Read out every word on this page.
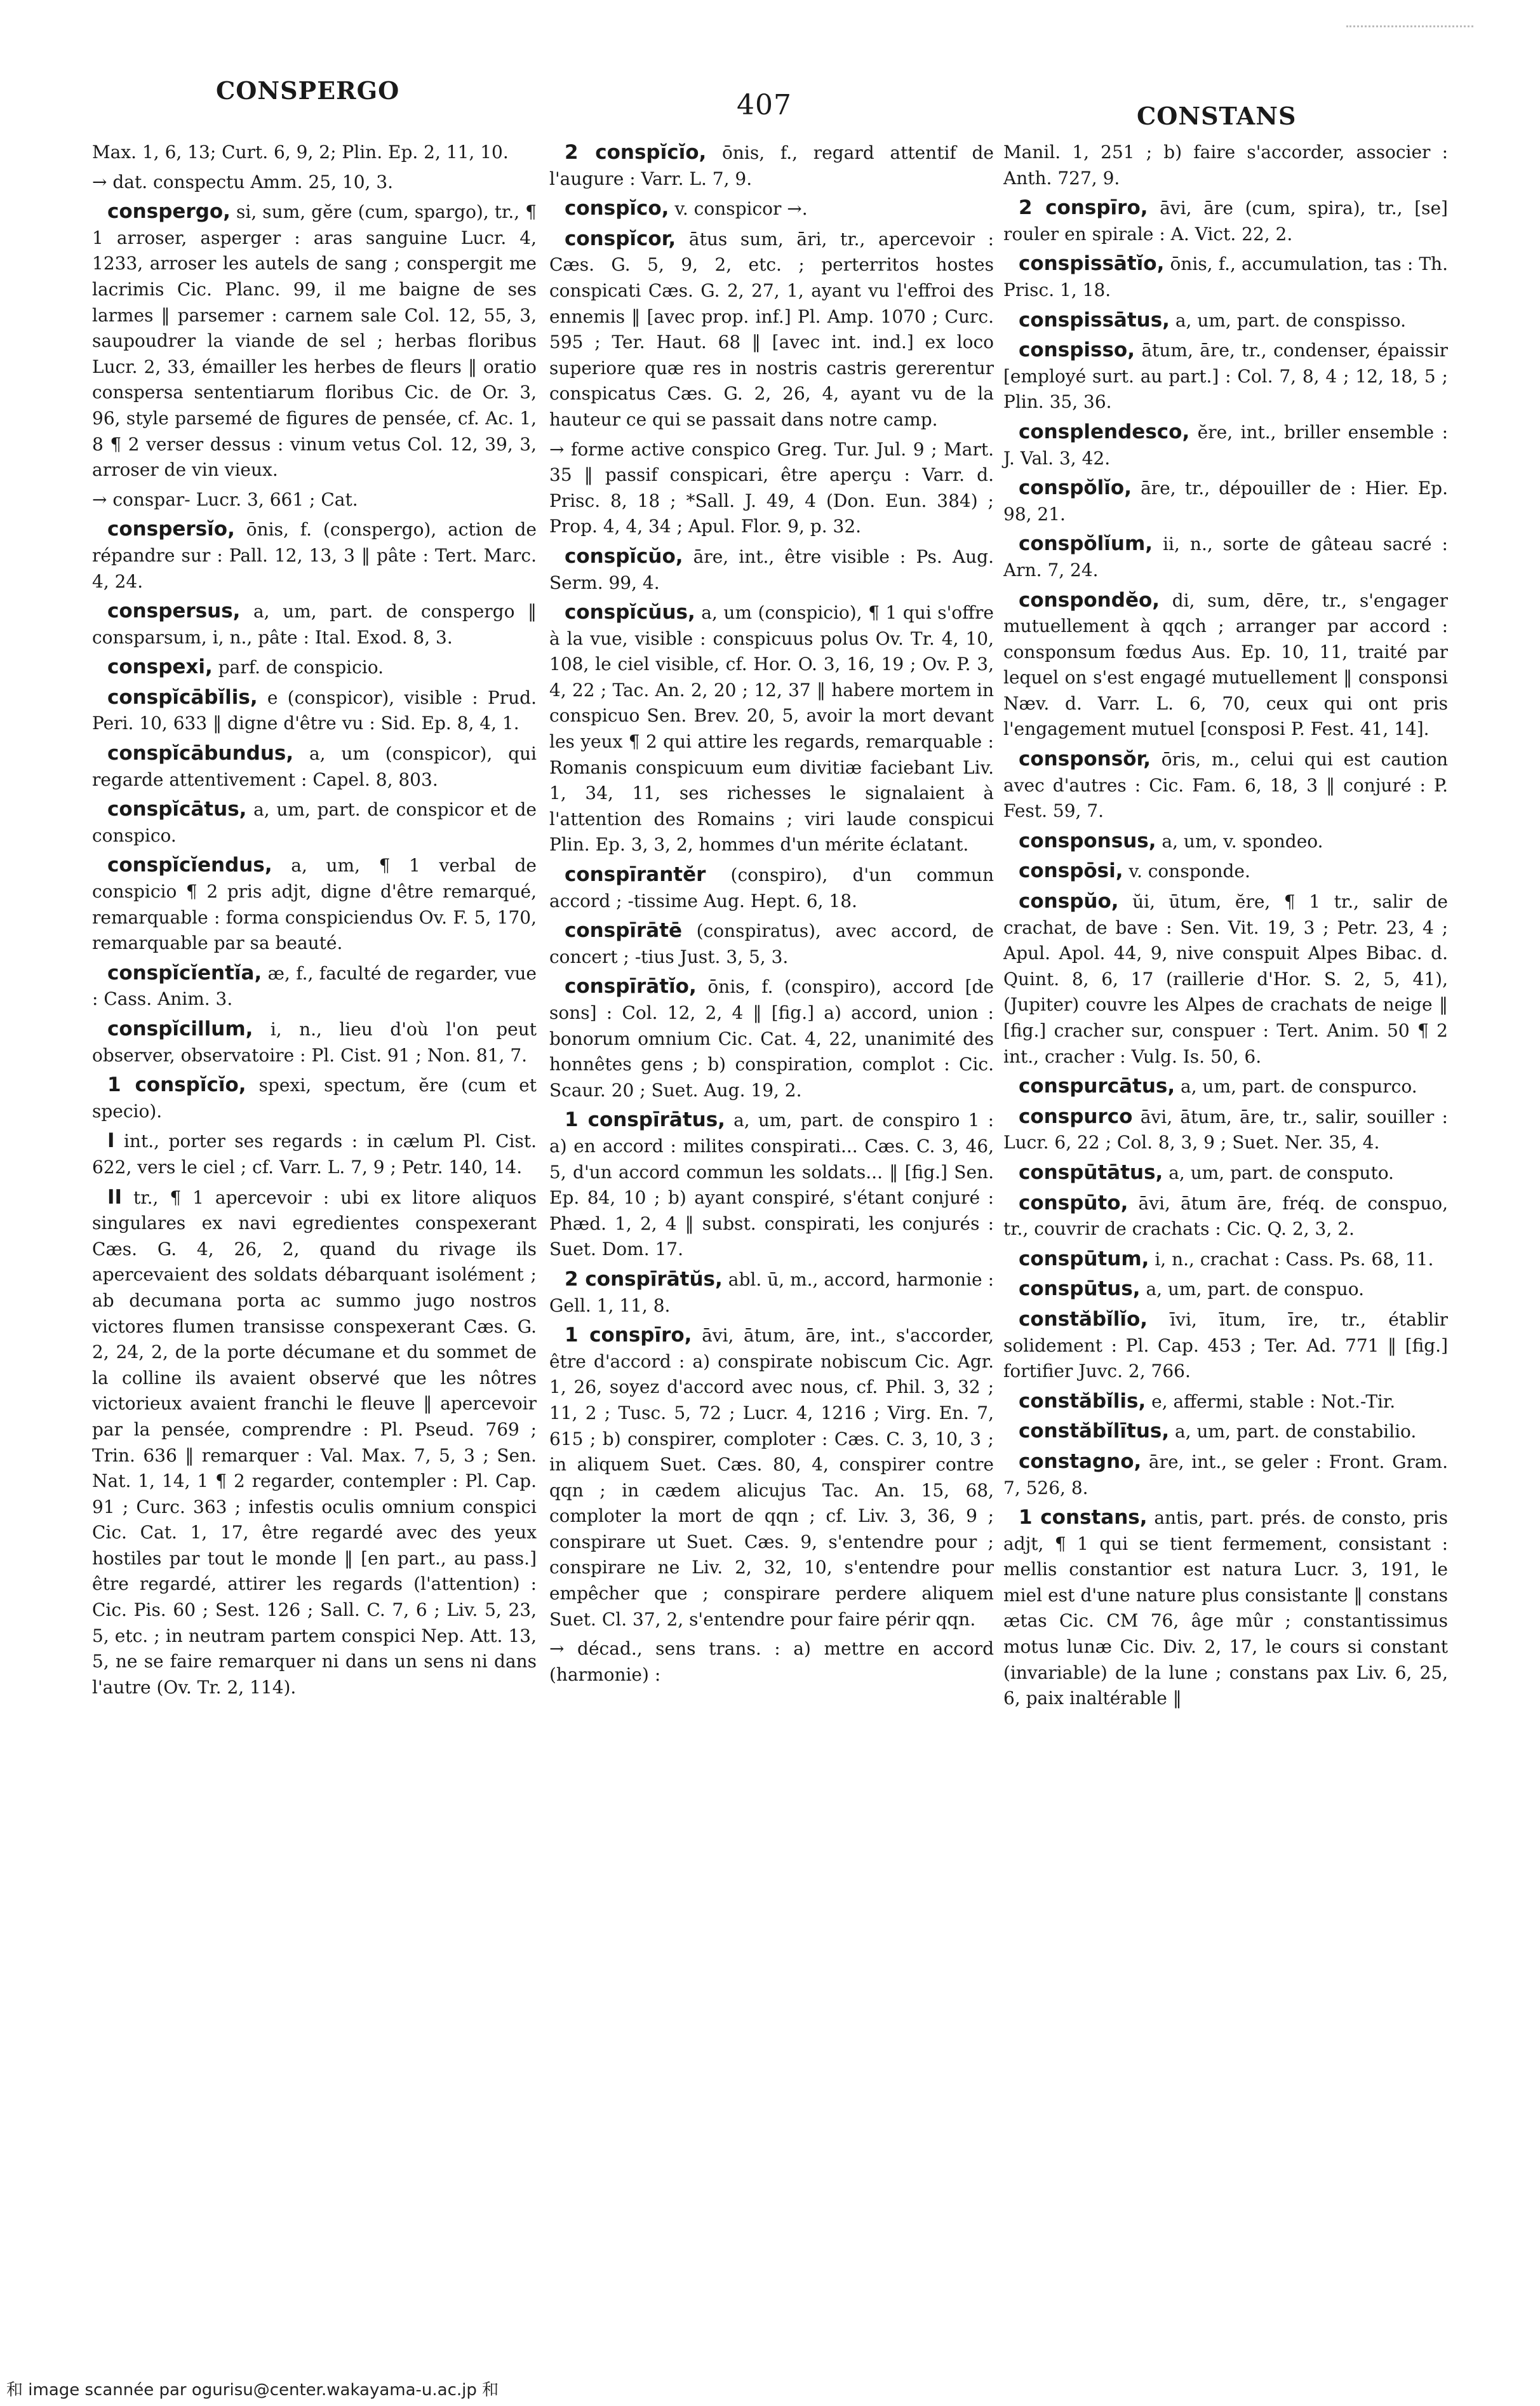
CONSPERGO	407	CONSTANS

Max. 1, 6, 13; Curt. 6, 9, 2; Plin. Ep. 2, 11, 10.

→ dat. conspectu Amm. 25, 10, 3.

conspergo, si, sum, gĕre (cum, spargo), tr., ¶ 1 arroser, asperger : aras sanguine Lucr. 4, 1233, arroser les autels de sang ; conspergit me lacrimis Cic. Planc. 99, il me baigne de ses larmes ‖ parsemer : carnem sale Col. 12, 55, 3, saupoudrer la viande de sel ; herbas floribus Lucr. 2, 33, émailler les herbes de fleurs ‖ oratio conspersa sententiarum floribus Cic. de Or. 3, 96, style parsemé de figures de pensée, cf. Ac. 1, 8 ¶ 2 verser dessus : vinum vetus Col. 12, 39, 3, arroser de vin vieux.

→ conspar- Lucr. 3, 661 ; Cat.

conspersĭo, ōnis, f. (conspergo), action de répandre sur : Pall. 12, 13, 3 ‖ pâte : Tert. Marc. 4, 24.

conspersus, a, um, part. de conspergo ‖ consparsum, i, n., pâte : Ital. Exod. 8, 3.

conspexi, parf. de conspicio.

conspĭcābĭlis, e (conspicor), visible : Prud. Peri. 10, 633 ‖ digne d'être vu : Sid. Ep. 8, 4, 1.

conspĭcābundus, a, um (conspicor), qui regarde attentivement : Capel. 8, 803.

conspĭcātus, a, um, part. de conspicor et de conspico.

conspĭcĭendus, a, um, ¶ 1 verbal de conspicio ¶ 2 pris adjt, digne d'être remarqué, remarquable : forma conspiciendus Ov. F. 5, 170, remarquable par sa beauté.

conspĭcĭentĭa, æ, f., faculté de regarder, vue : Cass. Anim. 3.

conspĭcillum, i, n., lieu d'où l'on peut observer, observatoire : Pl. Cist. 91 ; Non. 81, 7.

1 conspĭcĭo, spexi, spectum, ĕre (cum et specio).

I int., porter ses regards : in cælum Pl. Cist. 622, vers le ciel ; cf. Varr. L. 7, 9 ; Petr. 140, 14.

II tr., ¶ 1 apercevoir : ubi ex litore aliquos singulares ex navi egredientes conspexerant Cæs. G. 4, 26, 2, quand du rivage ils apercevaient des soldats débarquant isolément ; ab decumana porta ac summo jugo nostros victores flumen transisse conspexerant Cæs. G. 2, 24, 2, de la porte décumane et du sommet de la colline ils avaient observé que les nôtres victorieux avaient franchi le fleuve ‖ apercevoir par la pensée, comprendre : Pl. Pseud. 769 ; Trin. 636 ‖ remarquer : Val. Max. 7, 5, 3 ; Sen. Nat. 1, 14, 1 ¶ 2 regarder, contempler : Pl. Cap. 91 ; Curc. 363 ; infestis oculis omnium conspici Cic. Cat. 1, 17, être regardé avec des yeux hostiles par tout le monde ‖ [en part., au pass.] être regardé, attirer les regards (l'attention) : Cic. Pis. 60 ; Sest. 126 ; Sall. C. 7, 6 ; Liv. 5, 23, 5, etc. ; in neutram partem conspici Nep. Att. 13, 5, ne se faire remarquer ni dans un sens ni dans l'autre (Ov. Tr. 2, 114).

2 conspĭcĭo, ōnis, f., regard attentif de l'augure : Varr. L. 7, 9.

conspĭco, v. conspicor →.

conspĭcor, ātus sum, āri, tr., apercevoir : Cæs. G. 5, 9, 2, etc. ; perterritos hostes conspicati Cæs. G. 2, 27, 1, ayant vu l'effroi des ennemis ‖ [avec prop. inf.] Pl. Amp. 1070 ; Curc. 595 ; Ter. Haut. 68 ‖ [avec int. ind.] ex loco superiore quæ res in nostris castris gererentur conspicatus Cæs. G. 2, 26, 4, ayant vu de la hauteur ce qui se passait dans notre camp.

→ forme active conspico Greg. Tur. Jul. 9 ; Mart. 35 ‖ passif conspicari, être aperçu : Varr. d. Prisc. 8, 18 ; *Sall. J. 49, 4 (Don. Eun. 384) ; Prop. 4, 4, 34 ; Apul. Flor. 9, p. 32.

conspĭcŭo, āre, int., être visible : Ps. Aug. Serm. 99, 4.

conspĭcŭus, a, um (conspicio), ¶ 1 qui s'offre à la vue, visible : conspicuus polus Ov. Tr. 4, 10, 108, le ciel visible, cf. Hor. O. 3, 16, 19 ; Ov. P. 3, 4, 22 ; Tac. An. 2, 20 ; 12, 37 ‖ habere mortem in conspicuo Sen. Brev. 20, 5, avoir la mort devant les yeux ¶ 2 qui attire les regards, remarquable : Romanis conspicuum eum divitiæ faciebant Liv. 1, 34, 11, ses richesses le signalaient à l'attention des Romains ; viri laude conspicui Plin. Ep. 3, 3, 2, hommes d'un mérite éclatant.

conspīrantĕr (conspiro), d'un commun accord ; -tissime Aug. Hept. 6, 18.

conspīrātē (conspiratus), avec accord, de concert ; -tius Just. 3, 5, 3.

conspīrātĭo, ōnis, f. (conspiro), accord [de sons] : Col. 12, 2, 4 ‖ [fig.] a) accord, union : bonorum omnium Cic. Cat. 4, 22, unanimité des honnêtes gens ; b) conspiration, complot : Cic. Scaur. 20 ; Suet. Aug. 19, 2.

1 conspīrātus, a, um, part. de conspiro 1 : a) en accord : milites conspirati... Cæs. C. 3, 46, 5, d'un accord commun les soldats... ‖ [fig.] Sen. Ep. 84, 10 ; b) ayant conspiré, s'étant conjuré : Phæd. 1, 2, 4 ‖ subst. conspirati, les conjurés : Suet. Dom. 17.

2 conspīrātŭs, abl. ū, m., accord, harmonie : Gell. 1, 11, 8.

1 conspīro, āvi, ātum, āre, int., s'accorder, être d'accord : a) conspirate nobiscum Cic. Agr. 1, 26, soyez d'accord avec nous, cf. Phil. 3, 32 ; 11, 2 ; Tusc. 5, 72 ; Lucr. 4, 1216 ; Virg. En. 7, 615 ; b) conspirer, comploter : Cæs. C. 3, 10, 3 ; in aliquem Suet. Cæs. 80, 4, conspirer contre qqn ; in cædem alicujus Tac. An. 15, 68, comploter la mort de qqn ; cf. Liv. 3, 36, 9 ; conspirare ut Suet. Cæs. 9, s'entendre pour ; conspirare ne Liv. 2, 32, 10, s'entendre pour empêcher que ; conspirare perdere aliquem Suet. Cl. 37, 2, s'entendre pour faire périr qqn.

→ décad., sens trans. : a) mettre en accord (harmonie) :

Manil. 1, 251 ; b) faire s'accorder, associer : Anth. 727, 9.

2 conspīro, āvi, āre (cum, spira), tr., [se] rouler en spirale : A. Vict. 22, 2.

conspissātĭo, ōnis, f., accumulation, tas : Th. Prisc. 1, 18.

conspissātus, a, um, part. de conspisso.

conspisso, ātum, āre, tr., condenser, épaissir [employé surt. au part.] : Col. 7, 8, 4 ; 12, 18, 5 ; Plin. 35, 36.

consplendesco, ĕre, int., briller ensemble : J. Val. 3, 42.

conspŏlĭo, āre, tr., dépouiller de : Hier. Ep. 98, 21.

conspŏlĭum, ii, n., sorte de gâteau sacré : Arn. 7, 24.

conspondĕo, di, sum, dēre, tr., s'engager mutuellement à qqch ; arranger par accord : consponsum fœdus Aus. Ep. 10, 11, traité par lequel on s'est engagé mutuellement ‖ consponsi Næv. d. Varr. L. 6, 70, ceux qui ont pris l'engagement mutuel [consposi P. Fest. 41, 14].

consponsŏr, ōris, m., celui qui est caution avec d'autres : Cic. Fam. 6, 18, 3 ‖ conjuré : P. Fest. 59, 7.

consponsus, a, um, v. spondeo.

conspōsi, v. consponde.

conspŭo, ŭi, ūtum, ĕre, ¶ 1 tr., salir de crachat, de bave : Sen. Vit. 19, 3 ; Petr. 23, 4 ; Apul. Apol. 44, 9, nive conspuit Alpes Bibac. d. Quint. 8, 6, 17 (raillerie d'Hor. S. 2, 5, 41), (Jupiter) couvre les Alpes de crachats de neige ‖ [fig.] cracher sur, conspuer : Tert. Anim. 50 ¶ 2 int., cracher : Vulg. Is. 50, 6.

conspurcātus, a, um, part. de conspurco.

conspurco āvi, ātum, āre, tr., salir, souiller : Lucr. 6, 22 ; Col. 8, 3, 9 ; Suet. Ner. 35, 4.

conspūtātus, a, um, part. de consputo.

conspūto, āvi, ātum āre, fréq. de conspuo, tr., couvrir de crachats : Cic. Q. 2, 3, 2.

conspūtum, i, n., crachat : Cass. Ps. 68, 11.

conspūtus, a, um, part. de conspuo.

constăbĭlĭo, īvi, ītum, īre, tr., établir solidement : Pl. Cap. 453 ; Ter. Ad. 771 ‖ [fig.] fortifier Juvc. 2, 766.

constăbĭlis, e, affermi, stable : Not.-Tir.

constăbĭlītus, a, um, part. de constabilio.

constagno, āre, int., se geler : Front. Gram. 7, 526, 8.

1 constans, antis, part. prés. de consto, pris adjt, ¶ 1 qui se tient fermement, consistant : mellis constantior est natura Lucr. 3, 191, le miel est d'une nature plus consistante ‖ constans ætas Cic. CM 76, âge mûr ; constantissimus motus lunæ Cic. Div. 2, 17, le cours si constant (invariable) de la lune ; constans pax Liv. 6, 25, 6, paix inaltérable ‖

和 image scannée par ogurisu@center.wakayama-u.ac.jp 和
